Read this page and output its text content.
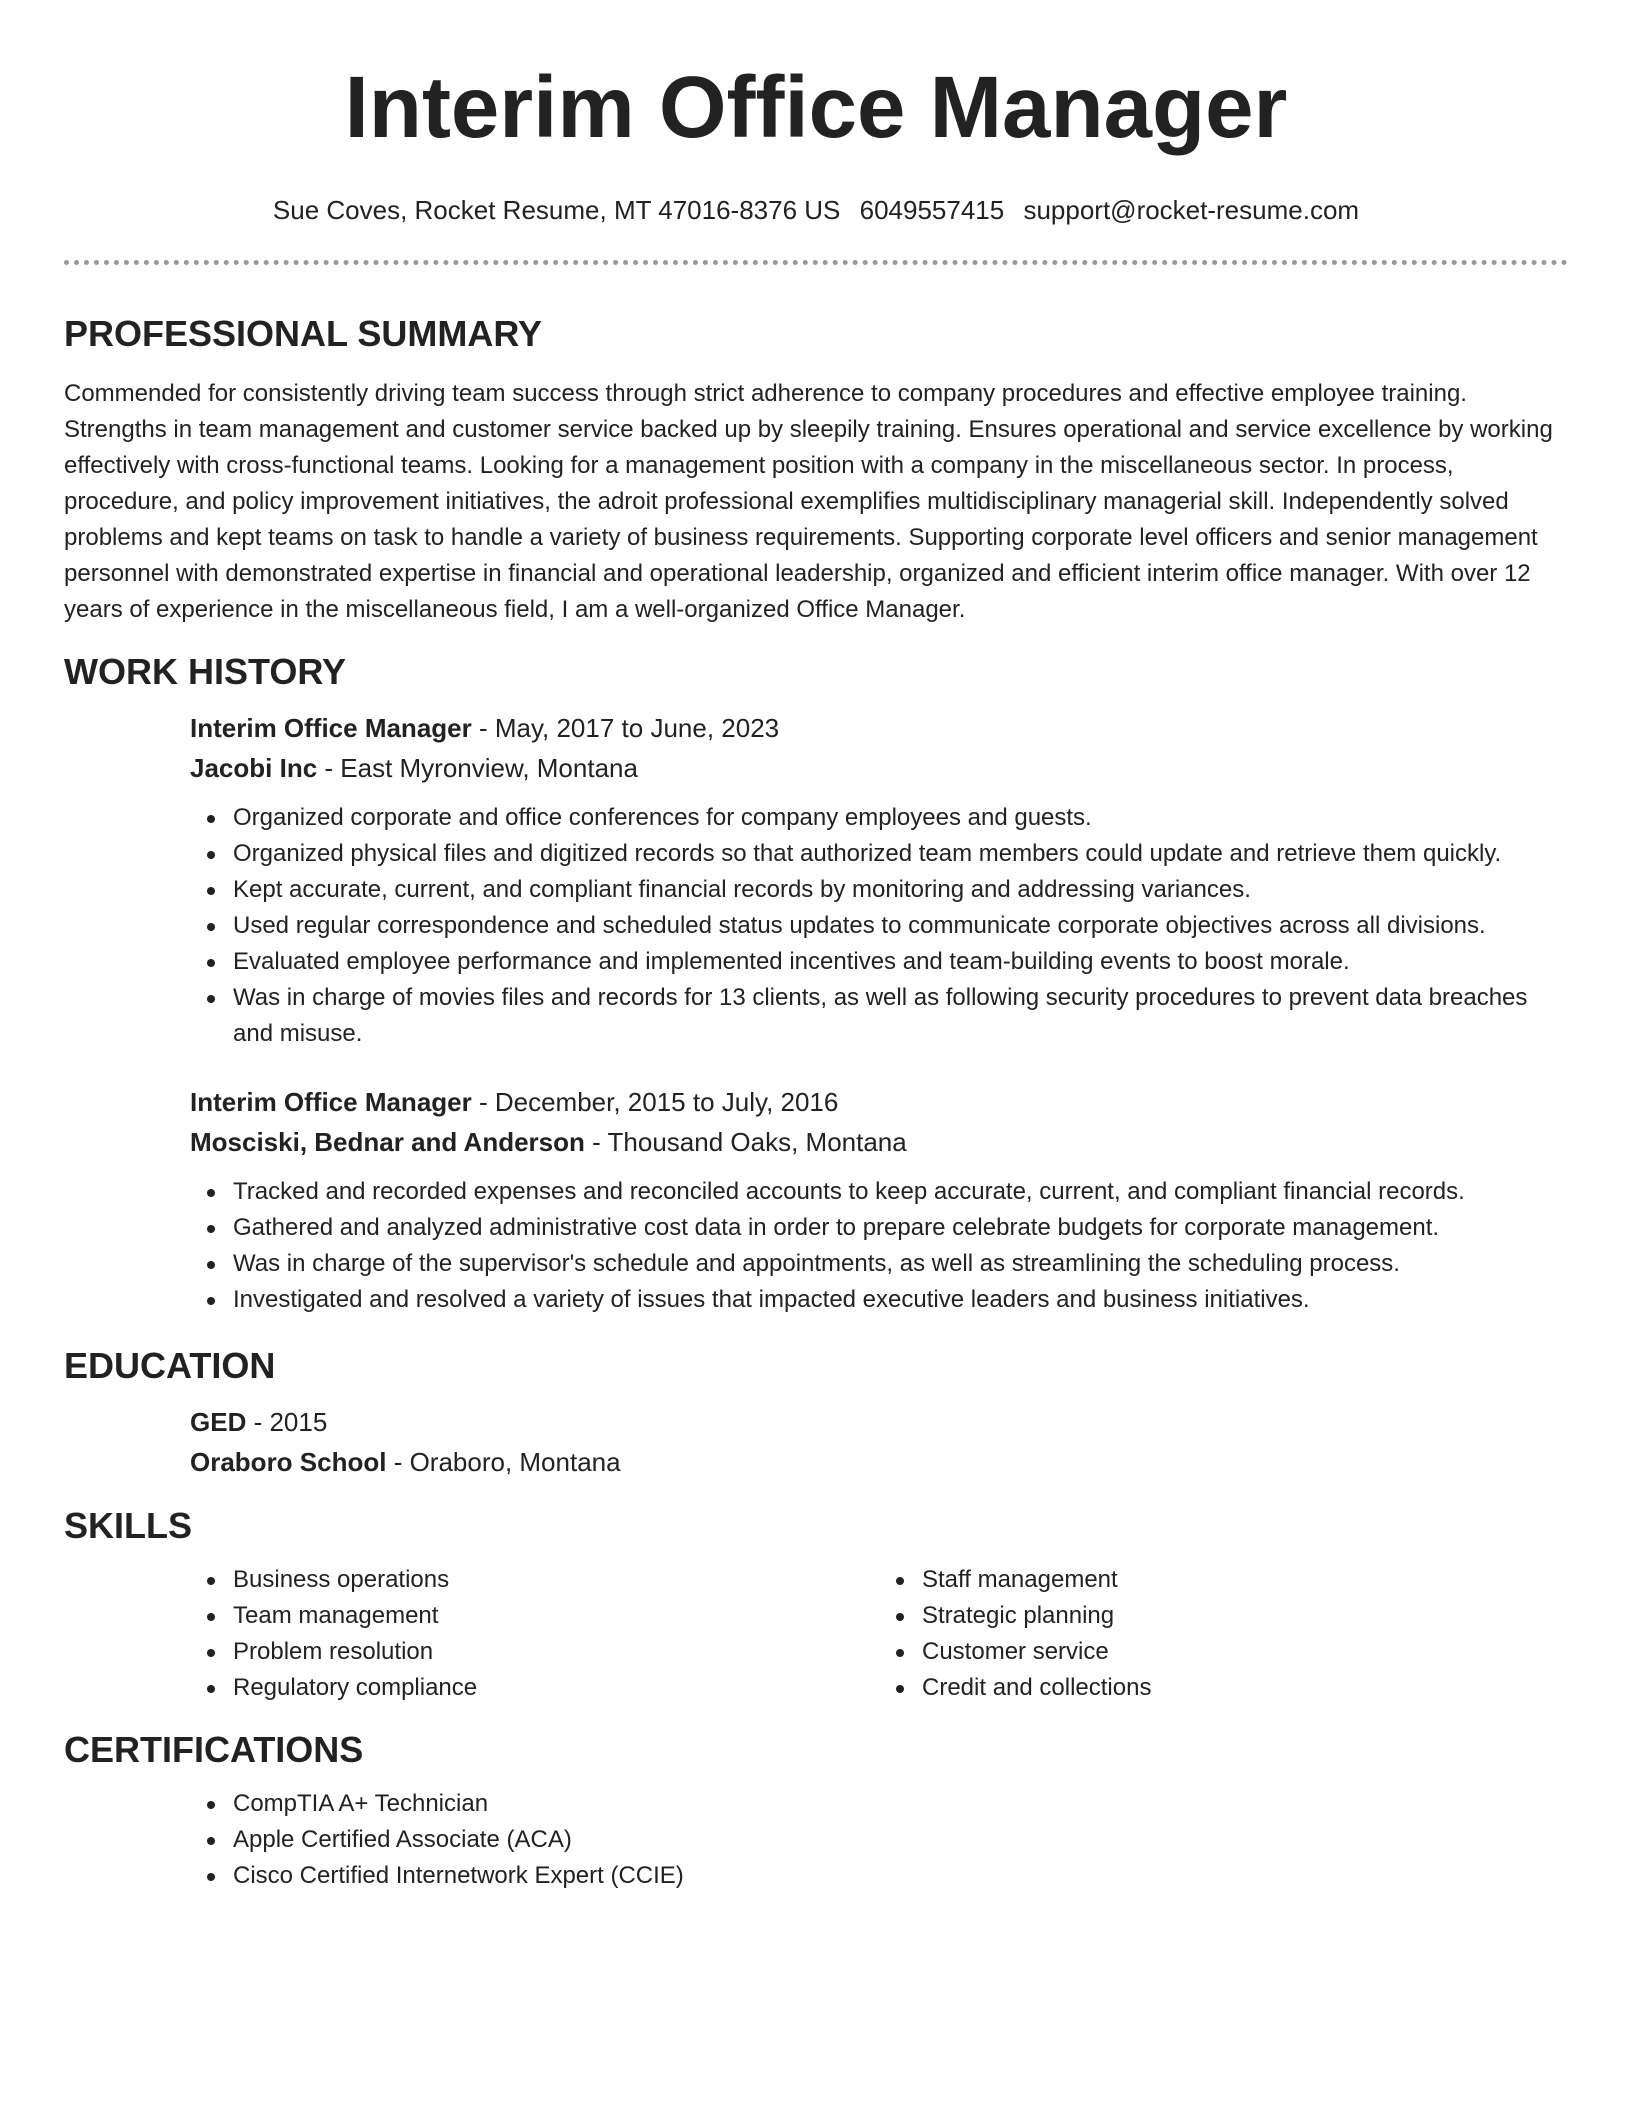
Interim Office Manager
Sue Coves, Rocket Resume, MT 47016-8376 US 6049557415 support@rocket-resume.com
PROFESSIONAL SUMMARY

Commended for consistently driving team success through strict adherence to company procedures and effective employee training. Strengths in team management and customer service backed up by sleepily training. Ensures operational and service excellence by working effectively with cross-functional teams. Looking for a management position with a company in the miscellaneous sector. In process, procedure, and policy improvement initiatives, the adroit professional exemplifies multidisciplinary managerial skill. Independently solved problems and kept teams on task to handle a variety of business requirements. Supporting corporate level officers and senior management personnel with demonstrated expertise in financial and operational leadership, organized and efficient interim office manager. With over 12 years of experience in the miscellaneous field, I am a well-organized Office Manager.

WORK HISTORY

Interim Office Manager - May, 2017 to June, 2023

Jacobi Inc - East Myronview, Montana

Organized corporate and office conferences for company employees and guests.
Organized physical files and digitized records so that authorized team members could update and retrieve them quickly.
Kept accurate, current, and compliant financial records by monitoring and addressing variances.
Used regular correspondence and scheduled status updates to communicate corporate objectives across all divisions.
Evaluated employee performance and implemented incentives and team-building events to boost morale.
Was in charge of movies files and records for 13 clients, as well as following security procedures to prevent data breaches and misuse.

Interim Office Manager - December, 2015 to July, 2016

Mosciski, Bednar and Anderson - Thousand Oaks, Montana

Tracked and recorded expenses and reconciled accounts to keep accurate, current, and compliant financial records.
Gathered and analyzed administrative cost data in order to prepare celebrate budgets for corporate management.
Was in charge of the supervisor's schedule and appointments, as well as streamlining the scheduling process.
Investigated and resolved a variety of issues that impacted executive leaders and business initiatives.
EDUCATION

GED - 2015

Oraboro School - Oraboro, Montana

SKILLS
Business operations
Team management
Problem resolution
Regulatory compliance
Staff management
Strategic planning
Customer service
Credit and collections
CERTIFICATIONS
CompTIA A+ Technician
Apple Certified Associate (ACA)
Cisco Certified Internetwork Expert (CCIE)
